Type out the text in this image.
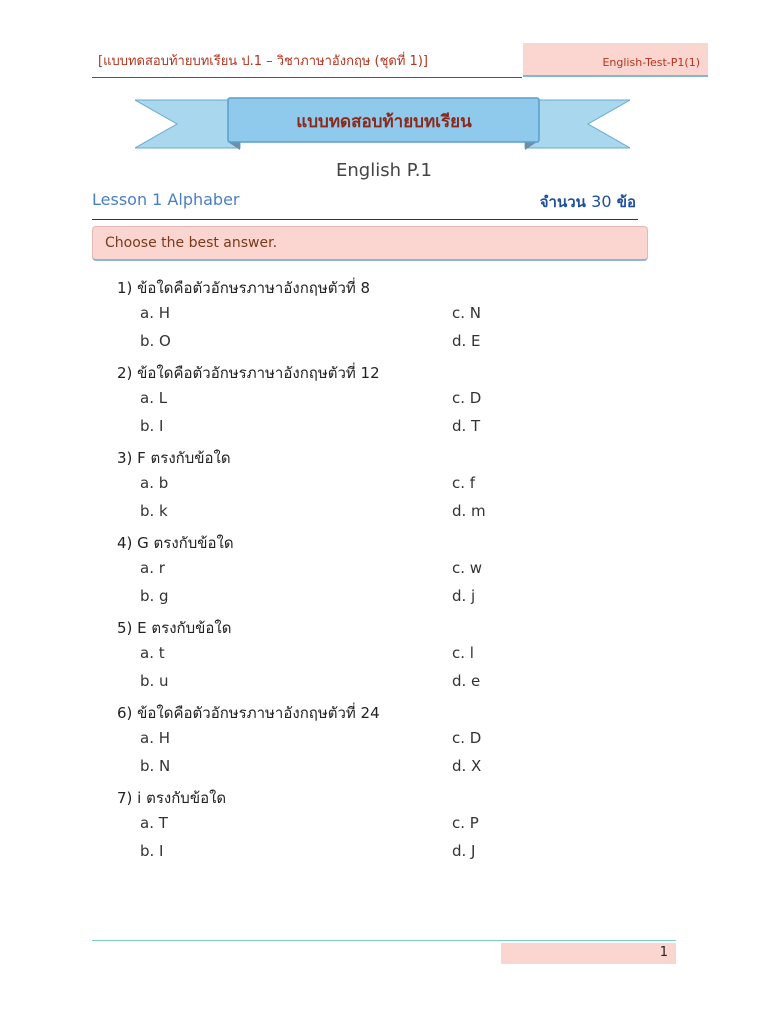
[แบบทดสอบท้ายบทเรียน ป.1 – วิชาภาษาอังกฤษ (ชุดที่ 1)]	English-Test-P1(1)
แบบทดสอบท้ายบทเรียน
English P.1
Lesson 1 Alphaber	จำนวน 30 ข้อ
Choose the best answer.
1) ข้อใดคือตัวอักษรภาษาอังกฤษตัวที่ 8
a. H	c. N
b. O	d. E
2) ข้อใดคือตัวอักษรภาษาอังกฤษตัวที่ 12
a. L	c. D
b. I	d. T
3) F ตรงกับข้อใด
a. b	c. f
b. k	d. m
4) G ตรงกับข้อใด
a. r	c. w
b. g	d. j
5) E ตรงกับข้อใด
a. t	c. l
b. u	d. e
6) ข้อใดคือตัวอักษรภาษาอังกฤษตัวที่ 24
a. H	c. D
b. N	d. X
7) i ตรงกับข้อใด
a. T	c. P
b. I	d. J
1
